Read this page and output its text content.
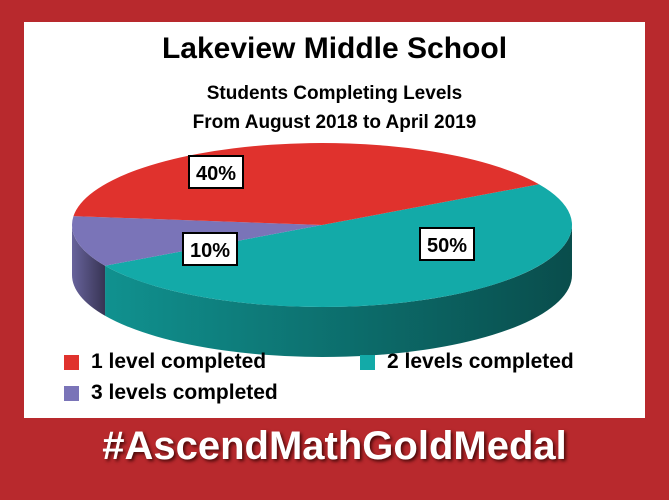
Lakeview Middle School
Students Completing Levels
From August 2018 to April 2019
40%
50%
10%
1 level completed	2 levels completed
3 levels completed
#AscendMathGoldMedal
